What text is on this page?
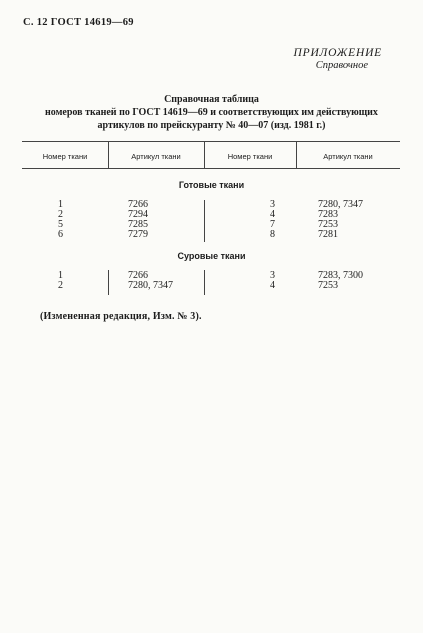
С. 12 ГОСТ 14619—69
ПРИЛОЖЕНИЕ
Справочное
Справочная таблица
номеров тканей по ГОСТ 14619—69 и соответствующих им действующих
артикулов по прейскуранту № 40—07 (изд. 1981 г.)
Номер ткани	Артикул ткани	Номер ткани	Артикул ткани
Готовые ткани
1	7266	3	7280, 7347
2	7294	4	7283
5	7285	7	7253
6	7279	8	7281
Суровые ткани
1	7266	3	7283, 7300
2	7280, 7347	4	7253
(Измененная редакция, Изм. № 3).
